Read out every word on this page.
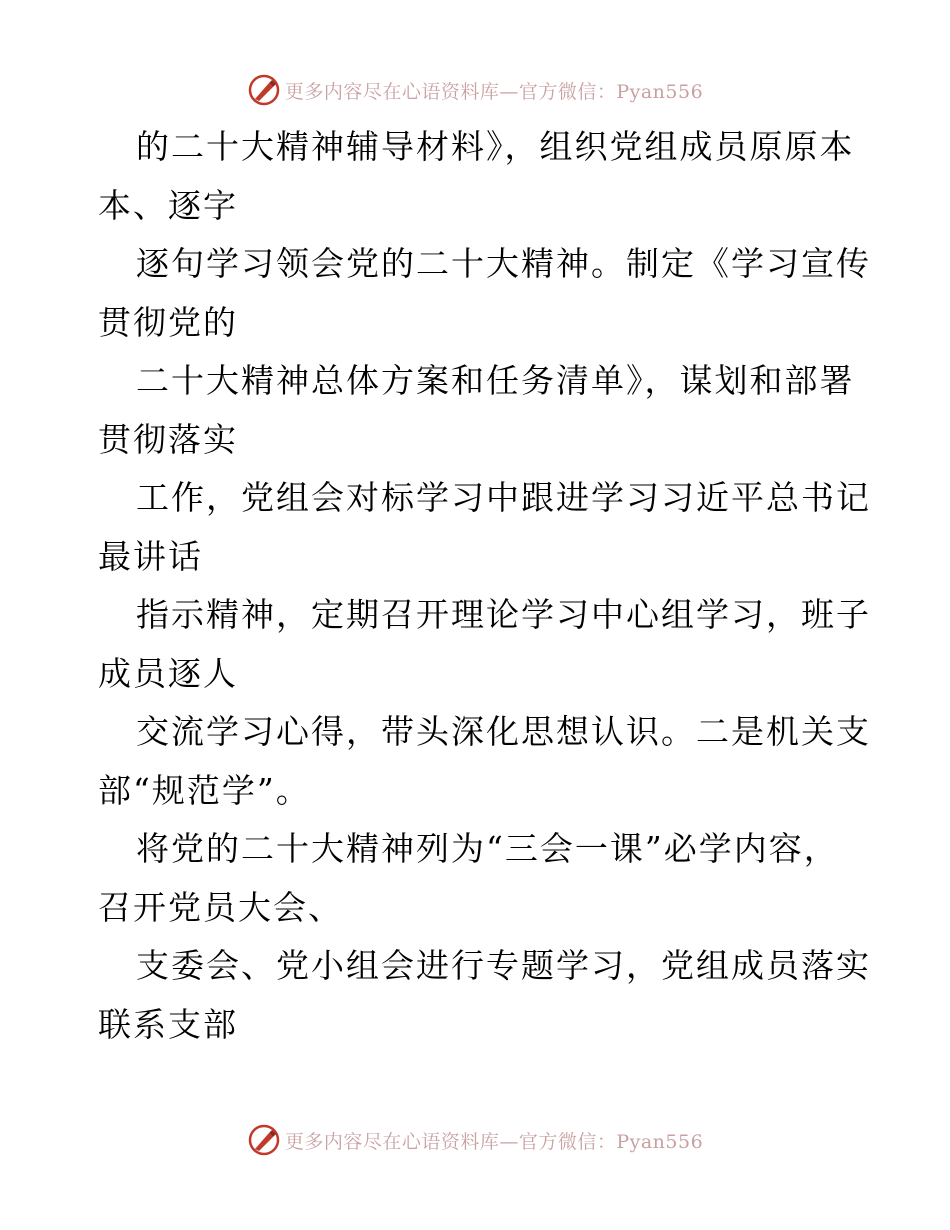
更多内容尽在心语资料库—官方微信：Pyan556

的二十大精神辅导材料》，组织党组成员原原本
本、逐字

逐句学习领会党的二十大精神。制定《学习宣传
贯彻党的

二十大精神总体方案和任务清单》，谋划和部署
贯彻落实

工作，党组会对标学习中跟进学习习近平总书记
最讲话

指示精神，定期召开理论学习中心组学习，班子
成员逐人

交流学习心得，带头深化思想认识。二是机关支
部“规范学”。

将党的二十大精神列为“三会一课”必学内容，
召开党员大会、

支委会、党小组会进行专题学习，党组成员落实
联系支部

更多内容尽在心语资料库—官方微信：Pyan556
